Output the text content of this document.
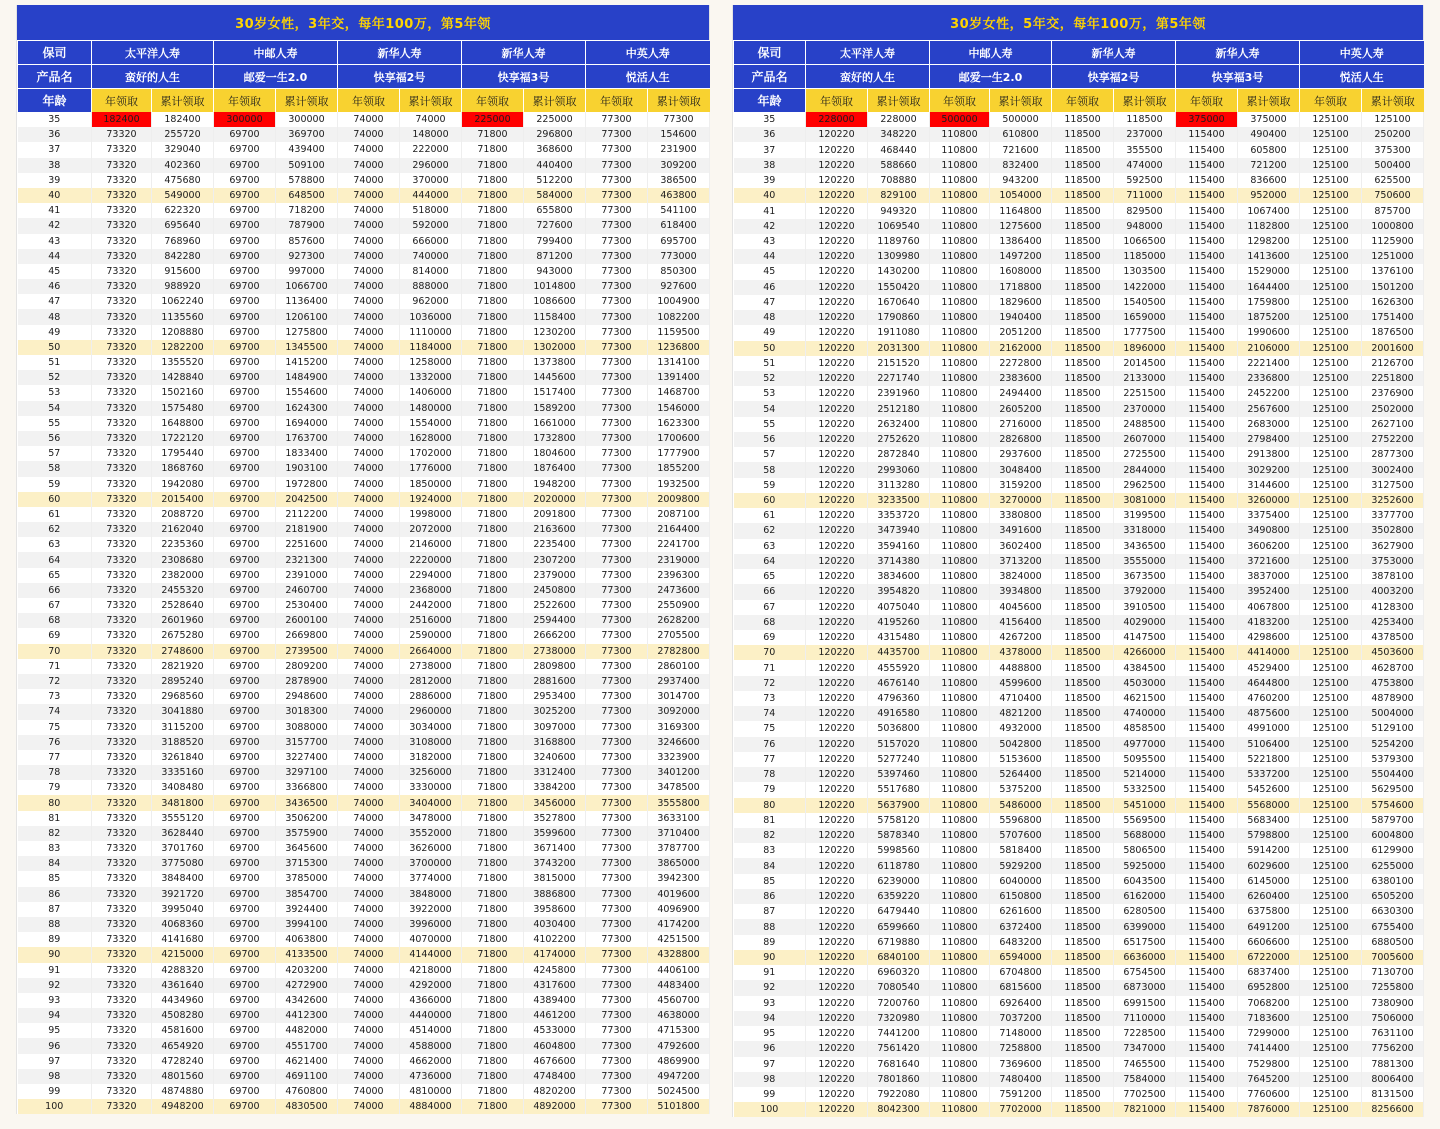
30岁女性，3年交，每年100万，第5年领
保司	太平洋人寿		中邮人寿		新华人寿		新华人寿		中英人寿	
产品名	蛮好的人生		邮爱一生2.0		快享福2号		快享福3号		悦活人生	
年龄	年领取	累计领取	年领取	累计领取	年领取	累计领取	年领取	累计领取	年领取	累计领取
35	182400	182400	300000	300000	74000	74000	225000	225000	77300	77300
36	73320	255720	69700	369700	74000	148000	71800	296800	77300	154600
37	73320	329040	69700	439400	74000	222000	71800	368600	77300	231900
38	73320	402360	69700	509100	74000	296000	71800	440400	77300	309200
39	73320	475680	69700	578800	74000	370000	71800	512200	77300	386500
40	73320	549000	69700	648500	74000	444000	71800	584000	77300	463800
41	73320	622320	69700	718200	74000	518000	71800	655800	77300	541100
42	73320	695640	69700	787900	74000	592000	71800	727600	77300	618400
43	73320	768960	69700	857600	74000	666000	71800	799400	77300	695700
44	73320	842280	69700	927300	74000	740000	71800	871200	77300	773000
45	73320	915600	69700	997000	74000	814000	71800	943000	77300	850300
46	73320	988920	69700	1066700	74000	888000	71800	1014800	77300	927600
47	73320	1062240	69700	1136400	74000	962000	71800	1086600	77300	1004900
48	73320	1135560	69700	1206100	74000	1036000	71800	1158400	77300	1082200
49	73320	1208880	69700	1275800	74000	1110000	71800	1230200	77300	1159500
50	73320	1282200	69700	1345500	74000	1184000	71800	1302000	77300	1236800
51	73320	1355520	69700	1415200	74000	1258000	71800	1373800	77300	1314100
52	73320	1428840	69700	1484900	74000	1332000	71800	1445600	77300	1391400
53	73320	1502160	69700	1554600	74000	1406000	71800	1517400	77300	1468700
54	73320	1575480	69700	1624300	74000	1480000	71800	1589200	77300	1546000
55	73320	1648800	69700	1694000	74000	1554000	71800	1661000	77300	1623300
56	73320	1722120	69700	1763700	74000	1628000	71800	1732800	77300	1700600
57	73320	1795440	69700	1833400	74000	1702000	71800	1804600	77300	1777900
58	73320	1868760	69700	1903100	74000	1776000	71800	1876400	77300	1855200
59	73320	1942080	69700	1972800	74000	1850000	71800	1948200	77300	1932500
60	73320	2015400	69700	2042500	74000	1924000	71800	2020000	77300	2009800
61	73320	2088720	69700	2112200	74000	1998000	71800	2091800	77300	2087100
62	73320	2162040	69700	2181900	74000	2072000	71800	2163600	77300	2164400
63	73320	2235360	69700	2251600	74000	2146000	71800	2235400	77300	2241700
64	73320	2308680	69700	2321300	74000	2220000	71800	2307200	77300	2319000
65	73320	2382000	69700	2391000	74000	2294000	71800	2379000	77300	2396300
66	73320	2455320	69700	2460700	74000	2368000	71800	2450800	77300	2473600
67	73320	2528640	69700	2530400	74000	2442000	71800	2522600	77300	2550900
68	73320	2601960	69700	2600100	74000	2516000	71800	2594400	77300	2628200
69	73320	2675280	69700	2669800	74000	2590000	71800	2666200	77300	2705500
70	73320	2748600	69700	2739500	74000	2664000	71800	2738000	77300	2782800
71	73320	2821920	69700	2809200	74000	2738000	71800	2809800	77300	2860100
72	73320	2895240	69700	2878900	74000	2812000	71800	2881600	77300	2937400
73	73320	2968560	69700	2948600	74000	2886000	71800	2953400	77300	3014700
74	73320	3041880	69700	3018300	74000	2960000	71800	3025200	77300	3092000
75	73320	3115200	69700	3088000	74000	3034000	71800	3097000	77300	3169300
76	73320	3188520	69700	3157700	74000	3108000	71800	3168800	77300	3246600
77	73320	3261840	69700	3227400	74000	3182000	71800	3240600	77300	3323900
78	73320	3335160	69700	3297100	74000	3256000	71800	3312400	77300	3401200
79	73320	3408480	69700	3366800	74000	3330000	71800	3384200	77300	3478500
80	73320	3481800	69700	3436500	74000	3404000	71800	3456000	77300	3555800
81	73320	3555120	69700	3506200	74000	3478000	71800	3527800	77300	3633100
82	73320	3628440	69700	3575900	74000	3552000	71800	3599600	77300	3710400
83	73320	3701760	69700	3645600	74000	3626000	71800	3671400	77300	3787700
84	73320	3775080	69700	3715300	74000	3700000	71800	3743200	77300	3865000
85	73320	3848400	69700	3785000	74000	3774000	71800	3815000	77300	3942300
86	73320	3921720	69700	3854700	74000	3848000	71800	3886800	77300	4019600
87	73320	3995040	69700	3924400	74000	3922000	71800	3958600	77300	4096900
88	73320	4068360	69700	3994100	74000	3996000	71800	4030400	77300	4174200
89	73320	4141680	69700	4063800	74000	4070000	71800	4102200	77300	4251500
90	73320	4215000	69700	4133500	74000	4144000	71800	4174000	77300	4328800
91	73320	4288320	69700	4203200	74000	4218000	71800	4245800	77300	4406100
92	73320	4361640	69700	4272900	74000	4292000	71800	4317600	77300	4483400
93	73320	4434960	69700	4342600	74000	4366000	71800	4389400	77300	4560700
94	73320	4508280	69700	4412300	74000	4440000	71800	4461200	77300	4638000
95	73320	4581600	69700	4482000	74000	4514000	71800	4533000	77300	4715300
96	73320	4654920	69700	4551700	74000	4588000	71800	4604800	77300	4792600
97	73320	4728240	69700	4621400	74000	4662000	71800	4676600	77300	4869900
98	73320	4801560	69700	4691100	74000	4736000	71800	4748400	77300	4947200
99	73320	4874880	69700	4760800	74000	4810000	71800	4820200	77300	5024500
100	73320	4948200	69700	4830500	74000	4884000	71800	4892000	77300	5101800
30岁女性，5年交，每年100万，第5年领
保司	太平洋人寿		中邮人寿		新华人寿		新华人寿		中英人寿	
产品名	蛮好的人生		邮爱一生2.0		快享福2号		快享福3号		悦活人生	
年龄	年领取	累计领取	年领取	累计领取	年领取	累计领取	年领取	累计领取	年领取	累计领取
35	228000	228000	500000	500000	118500	118500	375000	375000	125100	125100
36	120220	348220	110800	610800	118500	237000	115400	490400	125100	250200
37	120220	468440	110800	721600	118500	355500	115400	605800	125100	375300
38	120220	588660	110800	832400	118500	474000	115400	721200	125100	500400
39	120220	708880	110800	943200	118500	592500	115400	836600	125100	625500
40	120220	829100	110800	1054000	118500	711000	115400	952000	125100	750600
41	120220	949320	110800	1164800	118500	829500	115400	1067400	125100	875700
42	120220	1069540	110800	1275600	118500	948000	115400	1182800	125100	1000800
43	120220	1189760	110800	1386400	118500	1066500	115400	1298200	125100	1125900
44	120220	1309980	110800	1497200	118500	1185000	115400	1413600	125100	1251000
45	120220	1430200	110800	1608000	118500	1303500	115400	1529000	125100	1376100
46	120220	1550420	110800	1718800	118500	1422000	115400	1644400	125100	1501200
47	120220	1670640	110800	1829600	118500	1540500	115400	1759800	125100	1626300
48	120220	1790860	110800	1940400	118500	1659000	115400	1875200	125100	1751400
49	120220	1911080	110800	2051200	118500	1777500	115400	1990600	125100	1876500
50	120220	2031300	110800	2162000	118500	1896000	115400	2106000	125100	2001600
51	120220	2151520	110800	2272800	118500	2014500	115400	2221400	125100	2126700
52	120220	2271740	110800	2383600	118500	2133000	115400	2336800	125100	2251800
53	120220	2391960	110800	2494400	118500	2251500	115400	2452200	125100	2376900
54	120220	2512180	110800	2605200	118500	2370000	115400	2567600	125100	2502000
55	120220	2632400	110800	2716000	118500	2488500	115400	2683000	125100	2627100
56	120220	2752620	110800	2826800	118500	2607000	115400	2798400	125100	2752200
57	120220	2872840	110800	2937600	118500	2725500	115400	2913800	125100	2877300
58	120220	2993060	110800	3048400	118500	2844000	115400	3029200	125100	3002400
59	120220	3113280	110800	3159200	118500	2962500	115400	3144600	125100	3127500
60	120220	3233500	110800	3270000	118500	3081000	115400	3260000	125100	3252600
61	120220	3353720	110800	3380800	118500	3199500	115400	3375400	125100	3377700
62	120220	3473940	110800	3491600	118500	3318000	115400	3490800	125100	3502800
63	120220	3594160	110800	3602400	118500	3436500	115400	3606200	125100	3627900
64	120220	3714380	110800	3713200	118500	3555000	115400	3721600	125100	3753000
65	120220	3834600	110800	3824000	118500	3673500	115400	3837000	125100	3878100
66	120220	3954820	110800	3934800	118500	3792000	115400	3952400	125100	4003200
67	120220	4075040	110800	4045600	118500	3910500	115400	4067800	125100	4128300
68	120220	4195260	110800	4156400	118500	4029000	115400	4183200	125100	4253400
69	120220	4315480	110800	4267200	118500	4147500	115400	4298600	125100	4378500
70	120220	4435700	110800	4378000	118500	4266000	115400	4414000	125100	4503600
71	120220	4555920	110800	4488800	118500	4384500	115400	4529400	125100	4628700
72	120220	4676140	110800	4599600	118500	4503000	115400	4644800	125100	4753800
73	120220	4796360	110800	4710400	118500	4621500	115400	4760200	125100	4878900
74	120220	4916580	110800	4821200	118500	4740000	115400	4875600	125100	5004000
75	120220	5036800	110800	4932000	118500	4858500	115400	4991000	125100	5129100
76	120220	5157020	110800	5042800	118500	4977000	115400	5106400	125100	5254200
77	120220	5277240	110800	5153600	118500	5095500	115400	5221800	125100	5379300
78	120220	5397460	110800	5264400	118500	5214000	115400	5337200	125100	5504400
79	120220	5517680	110800	5375200	118500	5332500	115400	5452600	125100	5629500
80	120220	5637900	110800	5486000	118500	5451000	115400	5568000	125100	5754600
81	120220	5758120	110800	5596800	118500	5569500	115400	5683400	125100	5879700
82	120220	5878340	110800	5707600	118500	5688000	115400	5798800	125100	6004800
83	120220	5998560	110800	5818400	118500	5806500	115400	5914200	125100	6129900
84	120220	6118780	110800	5929200	118500	5925000	115400	6029600	125100	6255000
85	120220	6239000	110800	6040000	118500	6043500	115400	6145000	125100	6380100
86	120220	6359220	110800	6150800	118500	6162000	115400	6260400	125100	6505200
87	120220	6479440	110800	6261600	118500	6280500	115400	6375800	125100	6630300
88	120220	6599660	110800	6372400	118500	6399000	115400	6491200	125100	6755400
89	120220	6719880	110800	6483200	118500	6517500	115400	6606600	125100	6880500
90	120220	6840100	110800	6594000	118500	6636000	115400	6722000	125100	7005600
91	120220	6960320	110800	6704800	118500	6754500	115400	6837400	125100	7130700
92	120220	7080540	110800	6815600	118500	6873000	115400	6952800	125100	7255800
93	120220	7200760	110800	6926400	118500	6991500	115400	7068200	125100	7380900
94	120220	7320980	110800	7037200	118500	7110000	115400	7183600	125100	7506000
95	120220	7441200	110800	7148000	118500	7228500	115400	7299000	125100	7631100
96	120220	7561420	110800	7258800	118500	7347000	115400	7414400	125100	7756200
97	120220	7681640	110800	7369600	118500	7465500	115400	7529800	125100	7881300
98	120220	7801860	110800	7480400	118500	7584000	115400	7645200	125100	8006400
99	120220	7922080	110800	7591200	118500	7702500	115400	7760600	125100	8131500
100	120220	8042300	110800	7702000	118500	7821000	115400	7876000	125100	8256600
